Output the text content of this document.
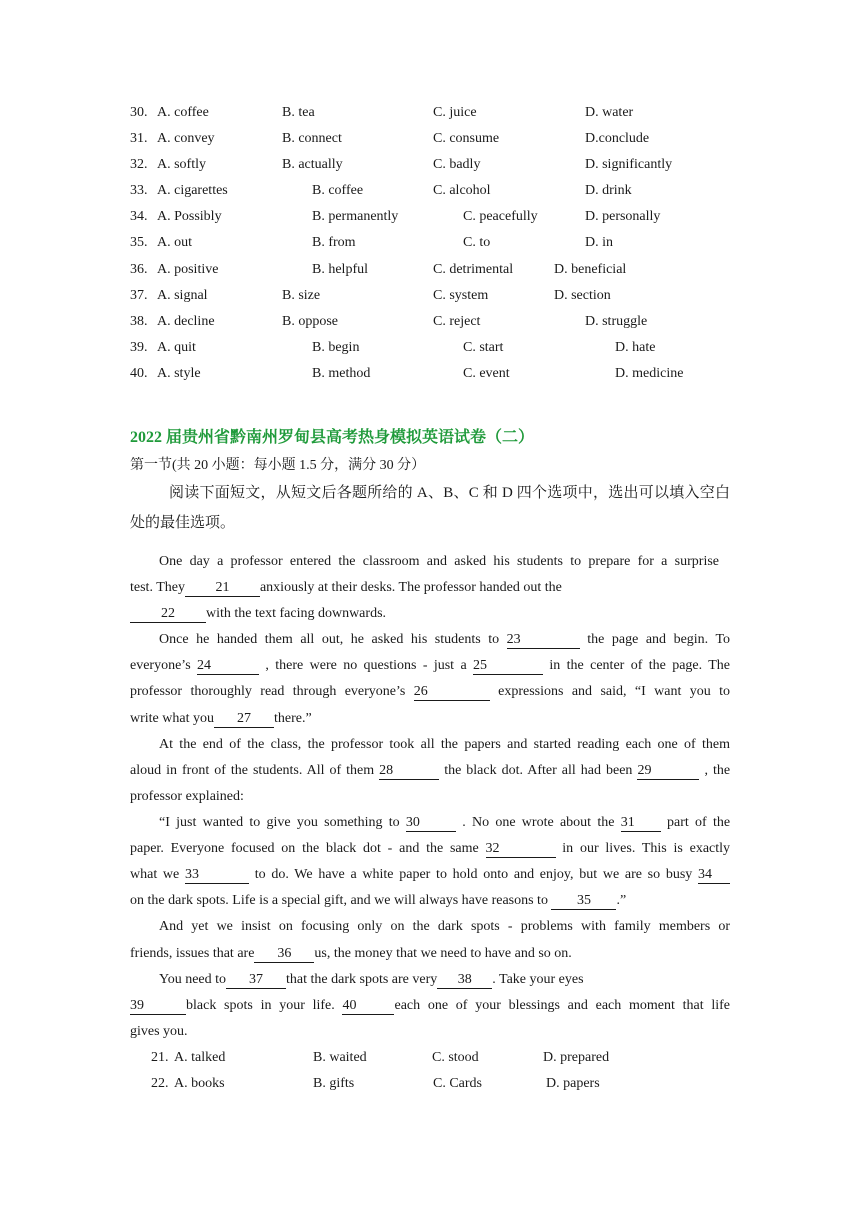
30. A. coffee	B. tea	C. juice	D. water
31. A. convey	B. connect	C. consume	D.conclude
32. A. softly	B. actually	C. badly	D. significantly
33. A. cigarettes	B. coffee	C. alcohol	D. drink
34. A. Possibly	B. permanently	C. peacefully	D. personally
35. A. out	B. from	C. to	D. in
36. A. positive	B. helpful	C. detrimental	D. beneficial
37. A. signal	B. size	C. system	D. section
38. A. decline	B. oppose	C. reject	D. struggle
39. A. quit	B. begin	C. start	D. hate
40. A. style	B. method	C. event	D. medicine
2022 届贵州省黔南州罗甸县高考热身模拟英语试卷（二）
第一节(共 20 小题：每小题 1.5 分，满分 30 分）
阅读下面短文，从短文后各题所给的 A、B、C 和 D 四个选项中，选出可以填入空白
处的最佳选项。
One day a professor entered the classroom and asked his students to prepare for a surprise
test. They 21 anxiously at their desks. The professor handed out the
22 with the text facing downwards.
Once he handed them all out, he asked his students to 23	the page and begin. To
everyone’s 24	, there were no questions - just a 25	in the center of the page. The
professor thoroughly read through everyone’s 26	expressions and said, “I want you to
write what you 27 there.”
At the end of the class, the professor took all the papers and started reading each one of them
aloud in front of the students. All of them 28	the black dot. After all had been 29	, the
professor explained:
“I just wanted to give you something to 30	. No one wrote about the 31 part of the
paper. Everyone focused on the black dot - and the same 32	in our lives. This is exactly
what we 33	to do. We have a white paper to hold onto and enjoy, but we are so busy 34
on the dark spots. Life is a special gift, and we will always have reasons to 35 .”
And yet we insist on focusing only on the dark spots - problems with family members or
friends, issues that are 36 us, the money that we need to have and so on.
You need to 37 that the dark spots are very 38 . Take your eyes
39	black spots in your life. 40	each one of your blessings and each moment that life
gives you.
21. A. talked	B. waited	C. stood	D. prepared
22. A. books	B. gifts	C. Cards	D. papers
